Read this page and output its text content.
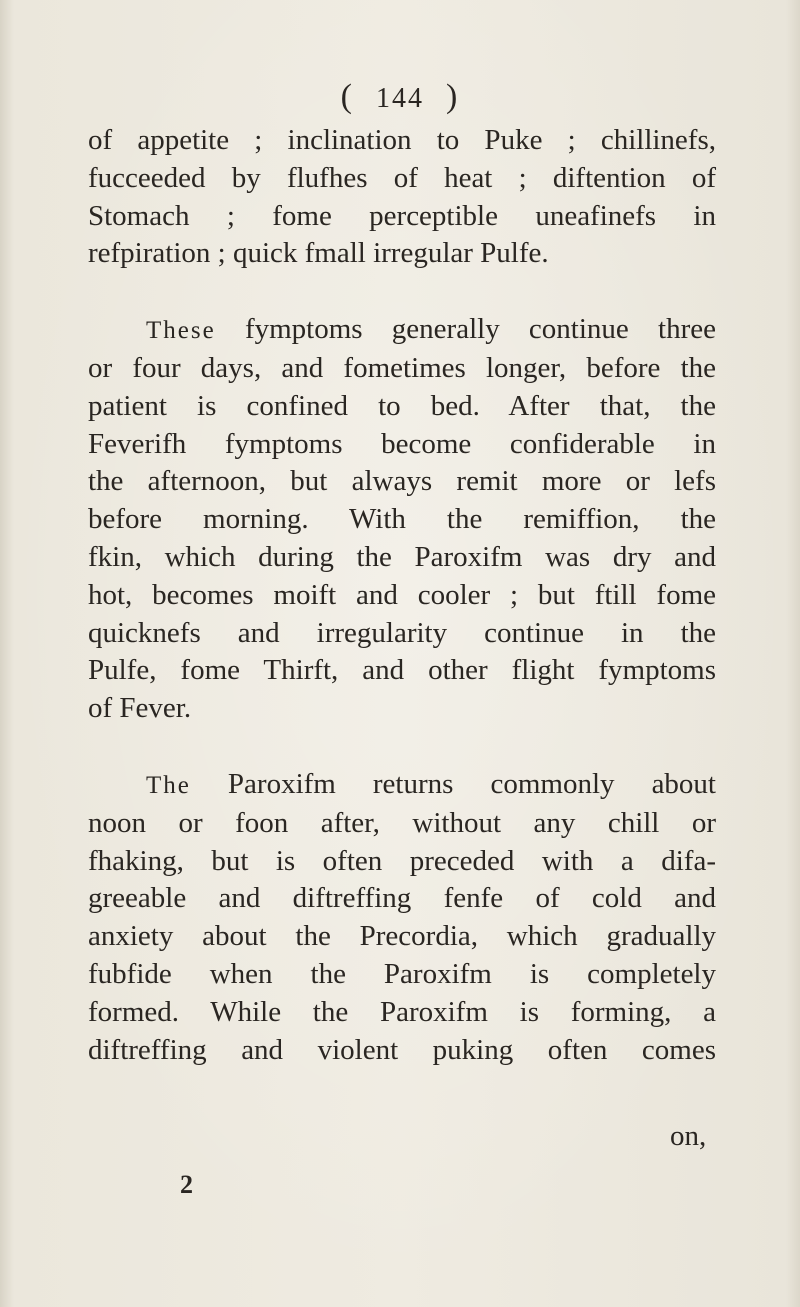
( 144 )
of appetite ; inclination to Puke ; chillinefs,
fucceeded by flufhes of heat ; diftention of
Stomach ; fome perceptible uneafinefs in
refpiration ; quick fmall irregular Pulfe.
These fymptoms generally continue three
or four days, and fometimes longer, before the
patient is confined to bed. After that, the
Feverifh fymptoms become confiderable in
the afternoon, but always remit more or lefs
before morning. With the remiffion, the
fkin, which during the Paroxifm was dry and
hot, becomes moift and cooler ; but ftill fome
quicknefs and irregularity continue in the
Pulfe, fome Thirft, and other flight fymptoms
of Fever.
The Paroxifm returns commonly about
noon or foon after, without any chill or
fhaking, but is often preceded with a difa-
greeable and diftreffing fenfe of cold and
anxiety about the Precordia, which gradually
fubfide when the Paroxifm is completely
formed. While the Paroxifm is forming, a
diftreffing and violent puking often comes
on,
2
